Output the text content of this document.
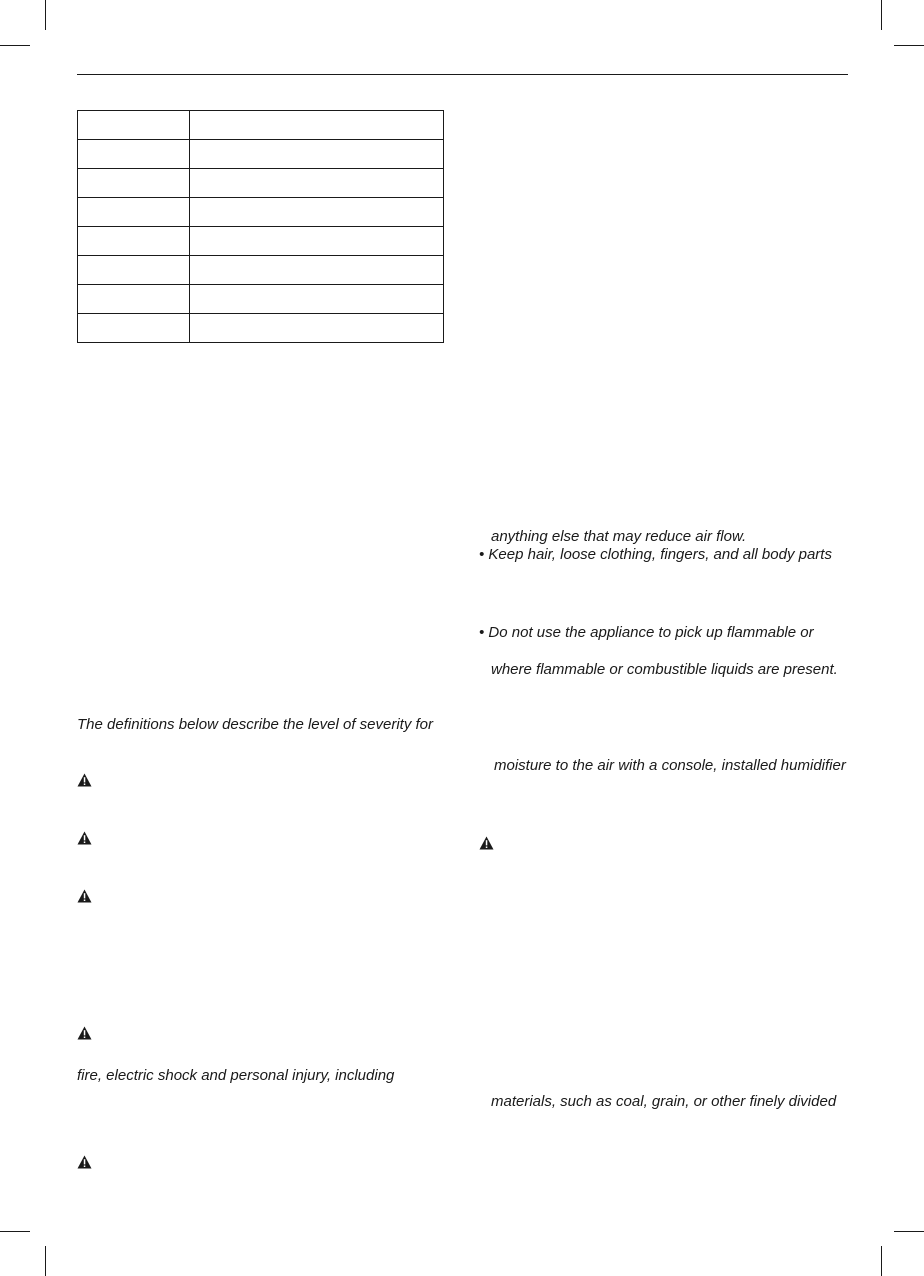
The definitions below describe the level of severity for
fire, electric shock and personal injury, including
anything else that may reduce air flow.
• Keep hair, loose clothing, fingers, and all body parts
• Do not use the appliance to pick up flammable or
where flammable or combustible liquids are present.
moisture to the air with a console, installed humidifier
materials, such as coal, grain, or other finely divided
